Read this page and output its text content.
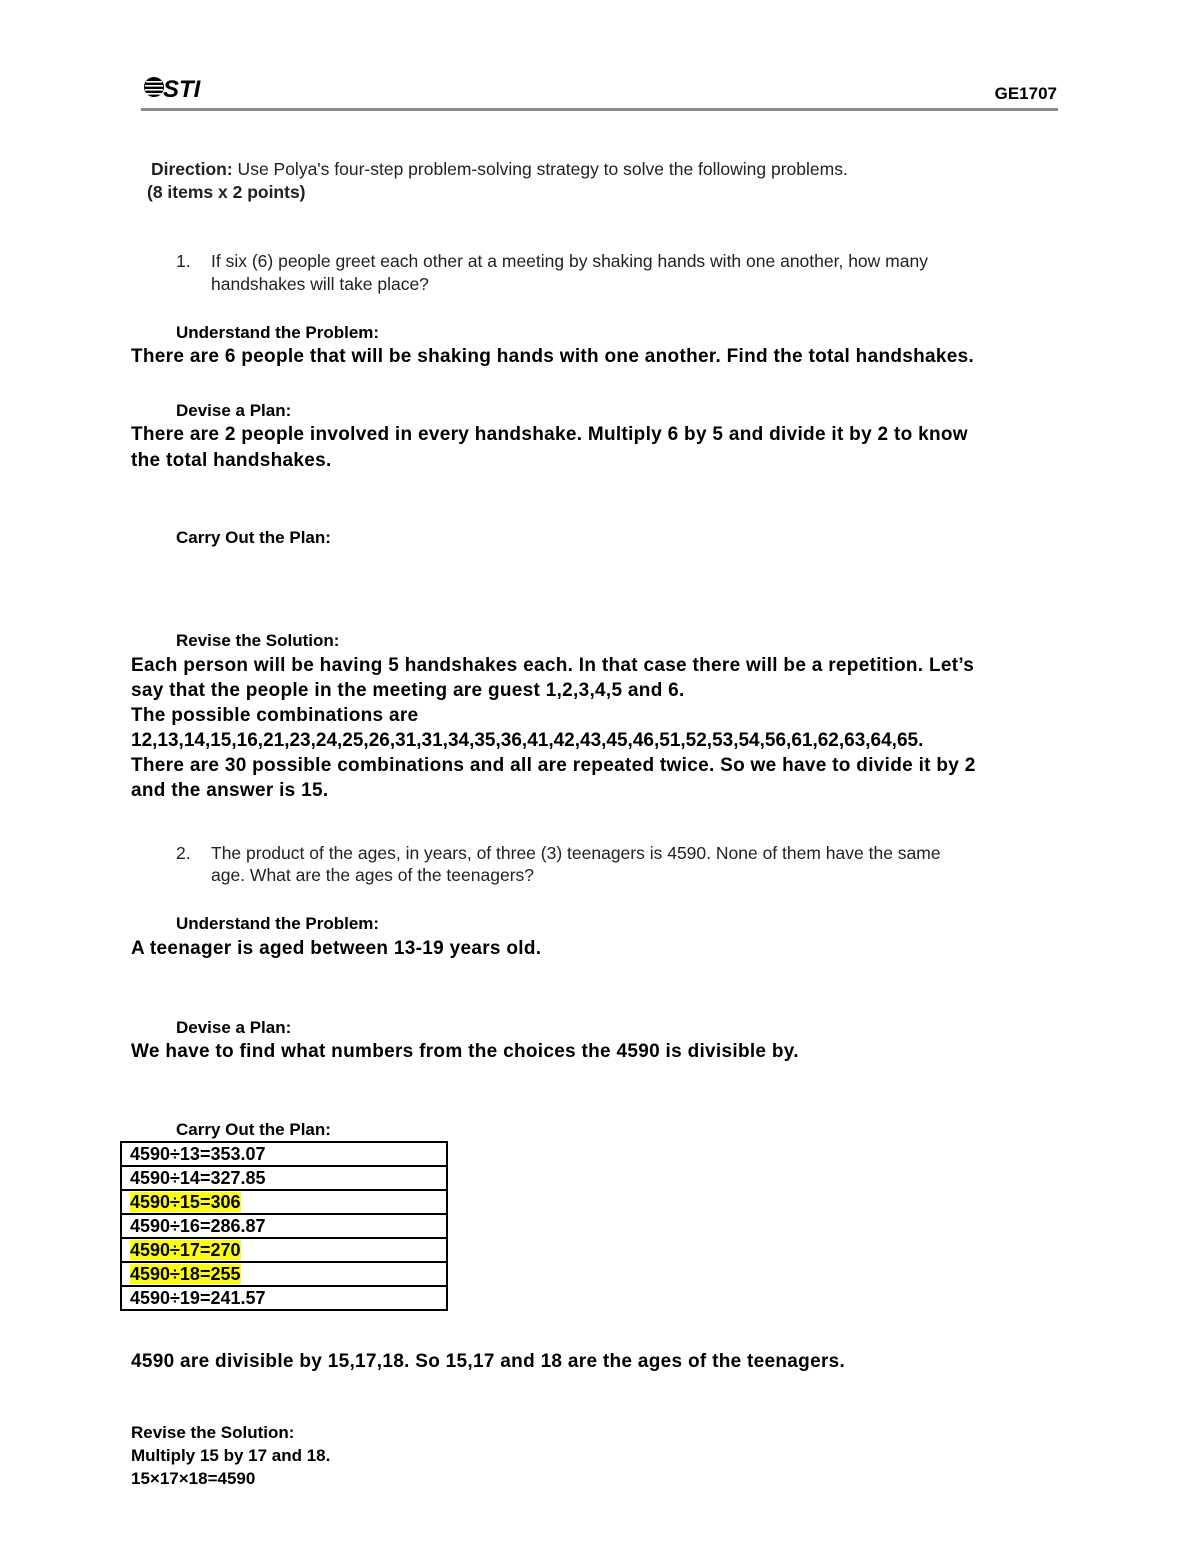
STI	GE1707
Direction: Use Polya's four-step problem-solving strategy to solve the following problems.
(8 items x 2 points)
1. If six (6) people greet each other at a meeting by shaking hands with one another, how many
handshakes will take place?
Understand the Problem:
There are 6 people that will be shaking hands with one another. Find the total handshakes.
Devise a Plan:
There are 2 people involved in every handshake. Multiply 6 by 5 and divide it by 2 to know
the total handshakes.
Carry Out the Plan:
Revise the Solution:
Each person will be having 5 handshakes each. In that case there will be a repetition. Let’s
say that the people in the meeting are guest 1,2,3,4,5 and 6.
The possible combinations are
12,13,14,15,16,21,23,24,25,26,31,31,34,35,36,41,42,43,45,46,51,52,53,54,56,61,62,63,64,65.
There are 30 possible combinations and all are repeated twice. So we have to divide it by 2
and the answer is 15.
2. The product of the ages, in years, of three (3) teenagers is 4590. None of them have the same
age. What are the ages of the teenagers?
Understand the Problem:
A teenager is aged between 13-19 years old.
Devise a Plan:
We have to find what numbers from the choices the 4590 is divisible by.
Carry Out the Plan:
4590÷13=353.07
4590÷14=327.85
4590÷15=306
4590÷16=286.87
4590÷17=270
4590÷18=255
4590÷19=241.57
4590 are divisible by 15,17,18. So 15,17 and 18 are the ages of the teenagers.
Revise the Solution:
Multiply 15 by 17 and 18.
15×17×18=4590
